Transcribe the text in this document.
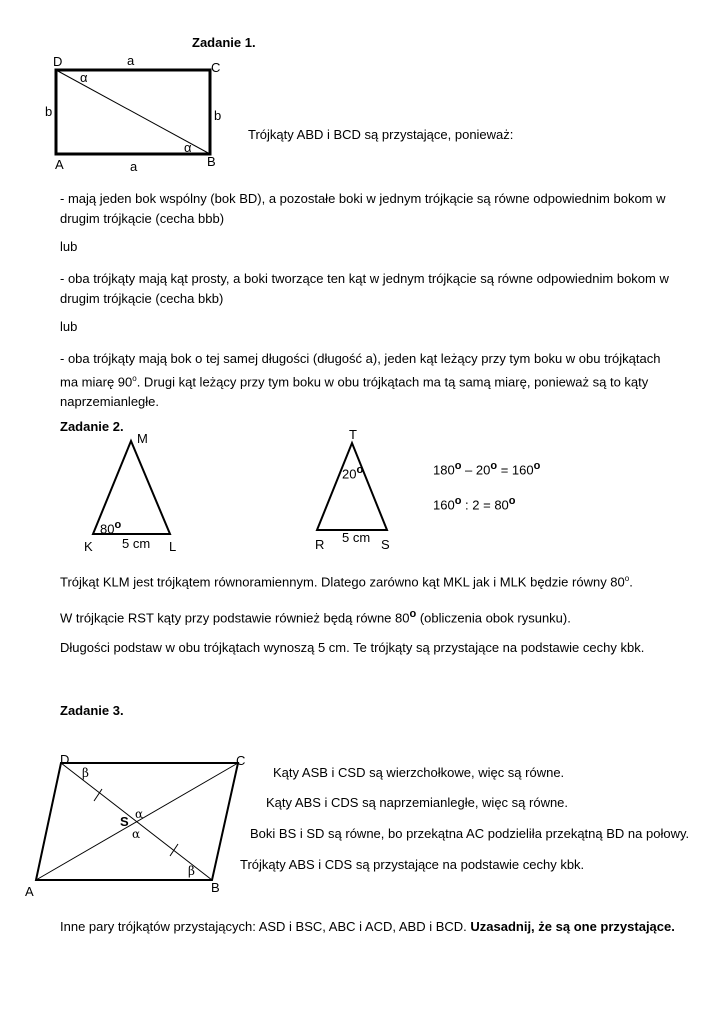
Zadanie 1.
D	C
A	B
a
a
b	b
α
α
Trójkąty ABD i BCD są przystające, ponieważ:
- mają jeden bok wspólny (bok BD), a pozostałe boki w jednym trójkącie są równe odpowiednim bokom w drugim trójkącie (cecha bbb)
lub
- oba trójkąty mają kąt prosty, a boki tworzące ten kąt w jednym trójkącie są równe odpowiednim bokom w drugim trójkącie (cecha bkb)
lub
- oba trójkąty mają bok o tej samej długości (długość a), jeden kąt leżący przy tym boku w obu trójkątach ma miarę 90$^o$. Drugi kąt leżący przy tym boku w obu trójkątach ma tą samą miarę, ponieważ są to kąty naprzemianległe.
Zadanie 2.
M
K	L
80$^o$
5 cm
T
R	S
20$^o$
5 cm
$180^o - 20^o = 160^o$
160$^o$ : $2 = 80^o$
Trójkąt KLM jest trójkątem równoramiennym. Dlatego zarówno kąt MKL jak i MLK będzie równy 80$^o$.
W trójkącie RST kąty przy podstawie również będą równe 80$^o$ (obliczenia obok rysunku).
Długości podstaw w obu trójkątach wynoszą 5 cm. Te trójkąty są przystające na podstawie cechy kbk.
Zadanie 3.
D	C
A	B
S
β
β
α
α
Kąty ASB i CSD są wierzchołkowe, więc są równe.
Kąty ABS i CDS są naprzemianległe, więc są równe.
Boki BS i SD są równe, bo przekątna AC podzieliła przekątną BD na połowy.
Trójkąty ABS i CDS są przystające na podstawie cechy kbk.
Inne pary trójkątów przystających: ASD i BSC, ABC i ACD, ABD i BCD. Uzasadnij, że są one przystające.
